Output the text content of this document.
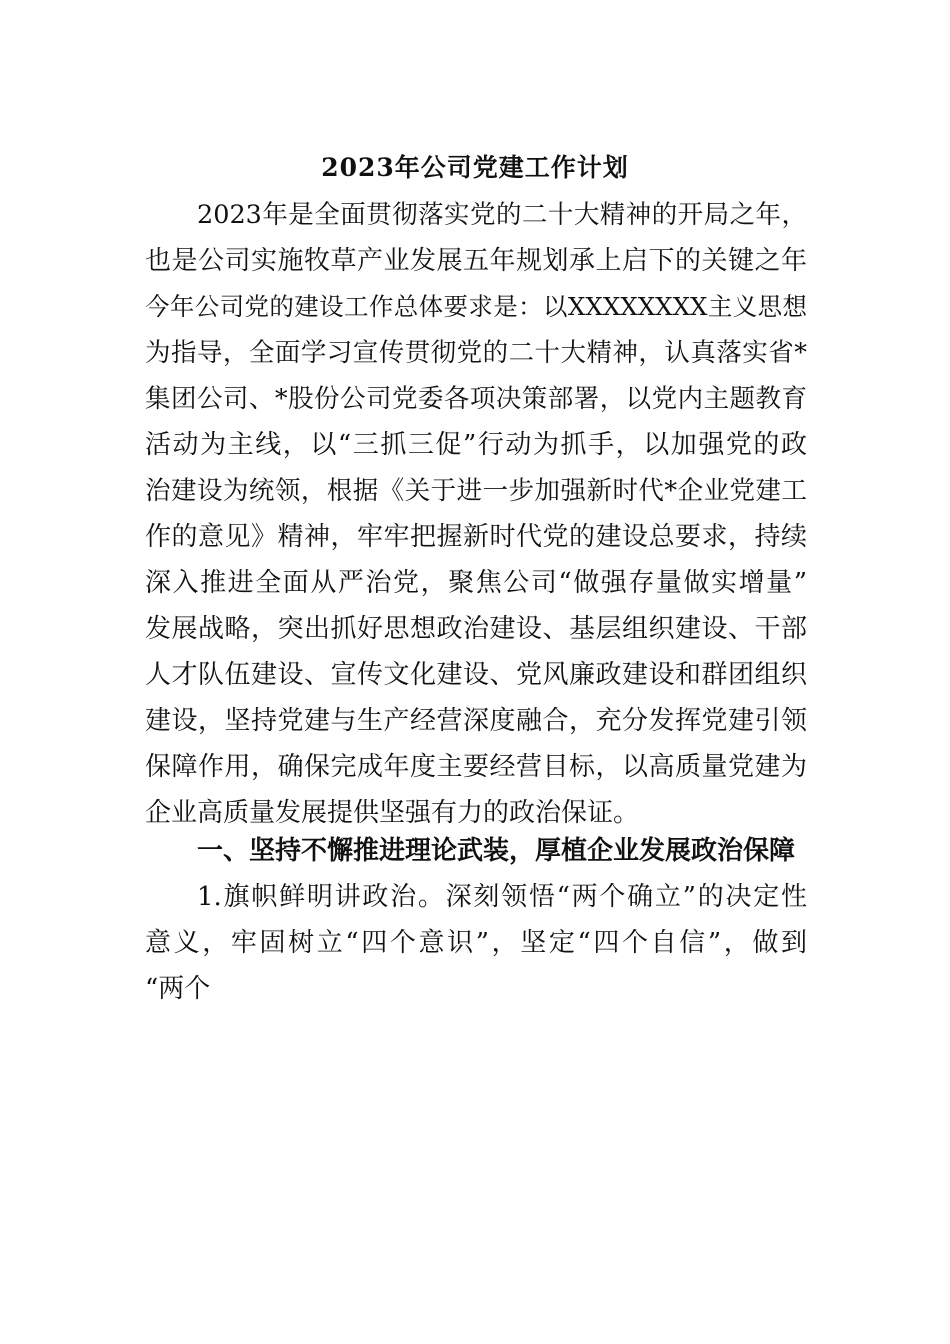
2023年公司党建工作计划
2023年是全面贯彻落实党的二十大精神的开局之年，
也是公司实施牧草产业发展五年规划承上启下的关键之年
今年公司党的建设工作总体要求是：以XXXXXXXX主义思想
为指导，全面学习宣传贯彻党的二十大精神，认真落实省*
集团公司、*股份公司党委各项决策部署，以党内主题教育
活动为主线，以“三抓三促”行动为抓手，以加强党的政
治建设为统领，根据《关于进一步加强新时代*企业党建工
作的意见》精神，牢牢把握新时代党的建设总要求，持续
深入推进全面从严治党，聚焦公司“做强存量做实增量”
发展战略，突出抓好思想政治建设、基层组织建设、干部
人才队伍建设、宣传文化建设、党风廉政建设和群团组织
建设，坚持党建与生产经营深度融合，充分发挥党建引领
保障作用，确保完成年度主要经营目标，以高质量党建为
企业高质量发展提供坚强有力的政治保证。
一、坚持不懈推进理论武装，厚植企业发展政治保障
1.旗帜鲜明讲政治。深刻领悟“两个确立”的决定性
意义，牢固树立“四个意识”，坚定“四个自信”，做到
“两个
